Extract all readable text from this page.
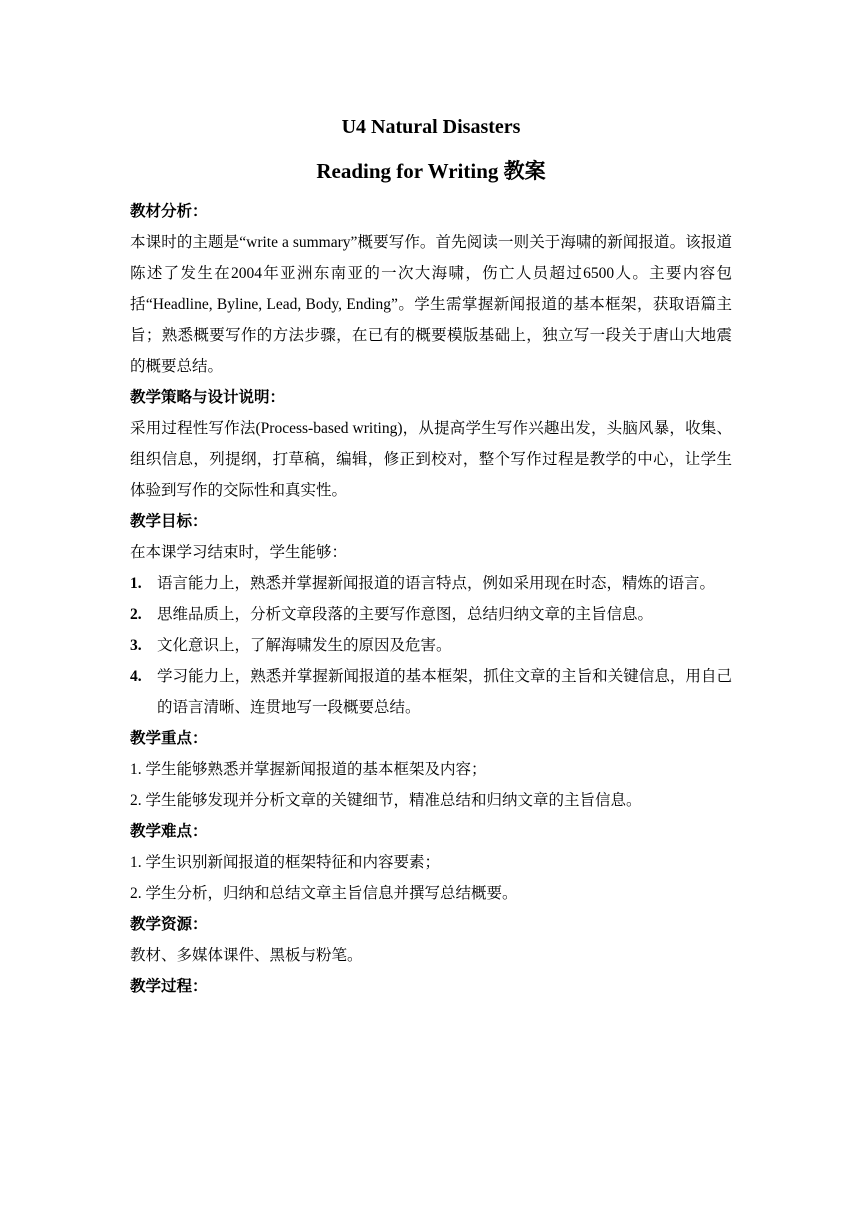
U4 Natural Disasters
Reading for Writing 教案

教材分析：

本课时的主题是“write a summary”概要写作。首先阅读一则关于海啸的新闻报道。该报道陈述了发生在2004年亚洲东南亚的一次大海啸，伤亡人员超过6500人。主要内容包括“Headline, Byline, Lead, Body, Ending”。学生需掌握新闻报道的基本框架，获取语篇主旨；熟悉概要写作的方法步骤，在已有的概要模版基础上，独立写一段关于唐山大地震的概要总结。

教学策略与设计说明：

采用过程性写作法(Process-based writing)，从提高学生写作兴趣出发，头脑风暴，收集、组织信息，列提纲，打草稿，编辑，修正到校对，整个写作过程是教学的中心，让学生体验到写作的交际性和真实性。

教学目标：

在本课学习结束时，学生能够：

1. 语言能力上，熟悉并掌握新闻报道的语言特点，例如采用现在时态，精炼的语言。
2. 思维品质上，分析文章段落的主要写作意图，总结归纳文章的主旨信息。
3. 文化意识上，了解海啸发生的原因及危害。
4. 学习能力上，熟悉并掌握新闻报道的基本框架，抓住文章的主旨和关键信息，用自己的语言清晰、连贯地写一段概要总结。

教学重点：

1. 学生能够熟悉并掌握新闻报道的基本框架及内容；

2. 学生能够发现并分析文章的关键细节，精准总结和归纳文章的主旨信息。

教学难点：

1. 学生识别新闻报道的框架特征和内容要素；

2. 学生分析，归纳和总结文章主旨信息并撰写总结概要。

教学资源：

教材、多媒体课件、黑板与粉笔。

教学过程：
